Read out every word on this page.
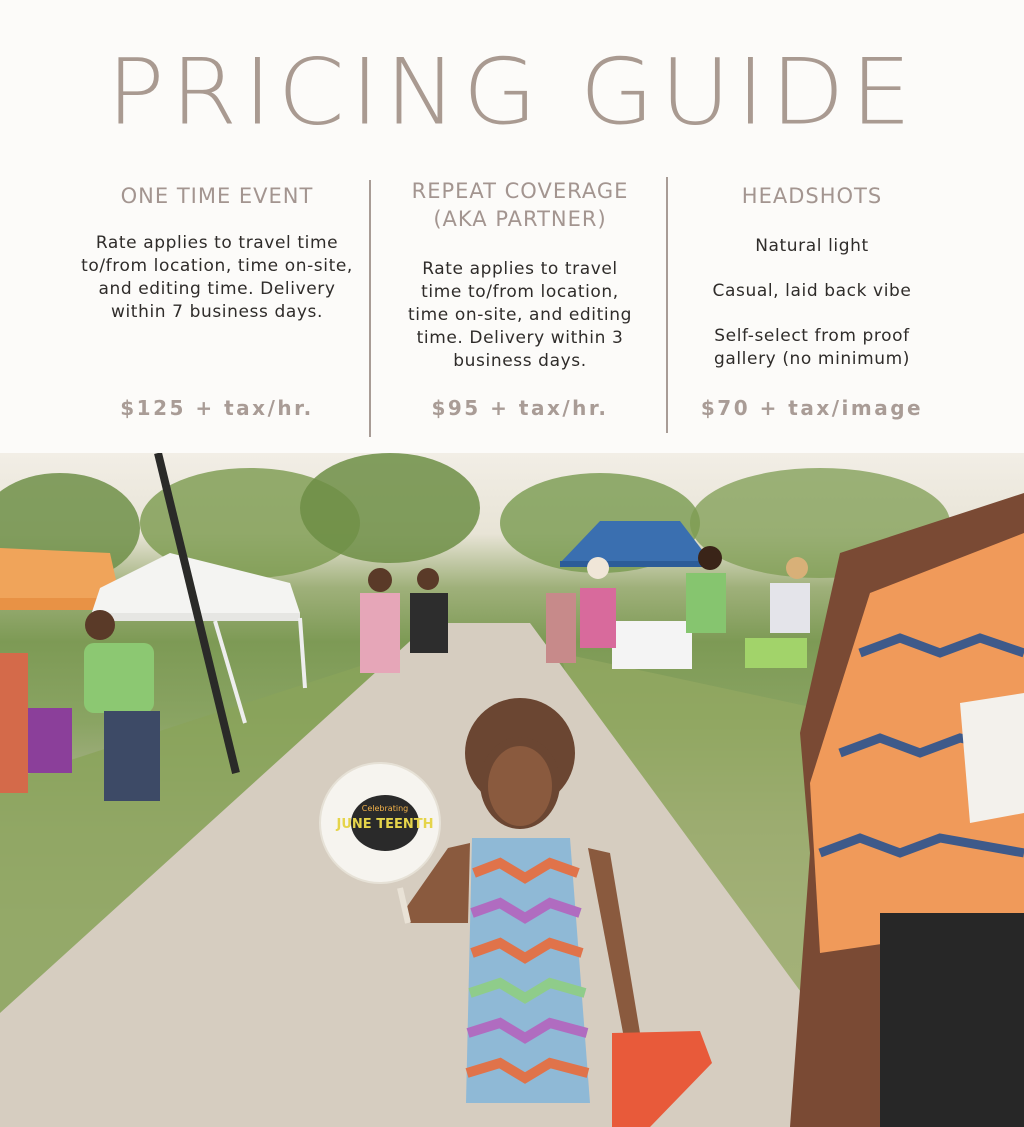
PRICING GUIDE
ONE TIME EVENT
Rate applies to travel time to/from location, time on-site, and editing time. Delivery within 7 business days.
$125 + tax/hr.
REPEAT COVERAGE (AKA PARTNER)
Rate applies to travel time to/from location, time on-site, and editing time. Delivery within 3 business days.
$95 + tax/hr.
HEADSHOTS

Natural light

Casual, laid back vibe

Self-select from proof gallery (no minimum)

$70 + tax/image
Celebrating
JUNE TEENTH
